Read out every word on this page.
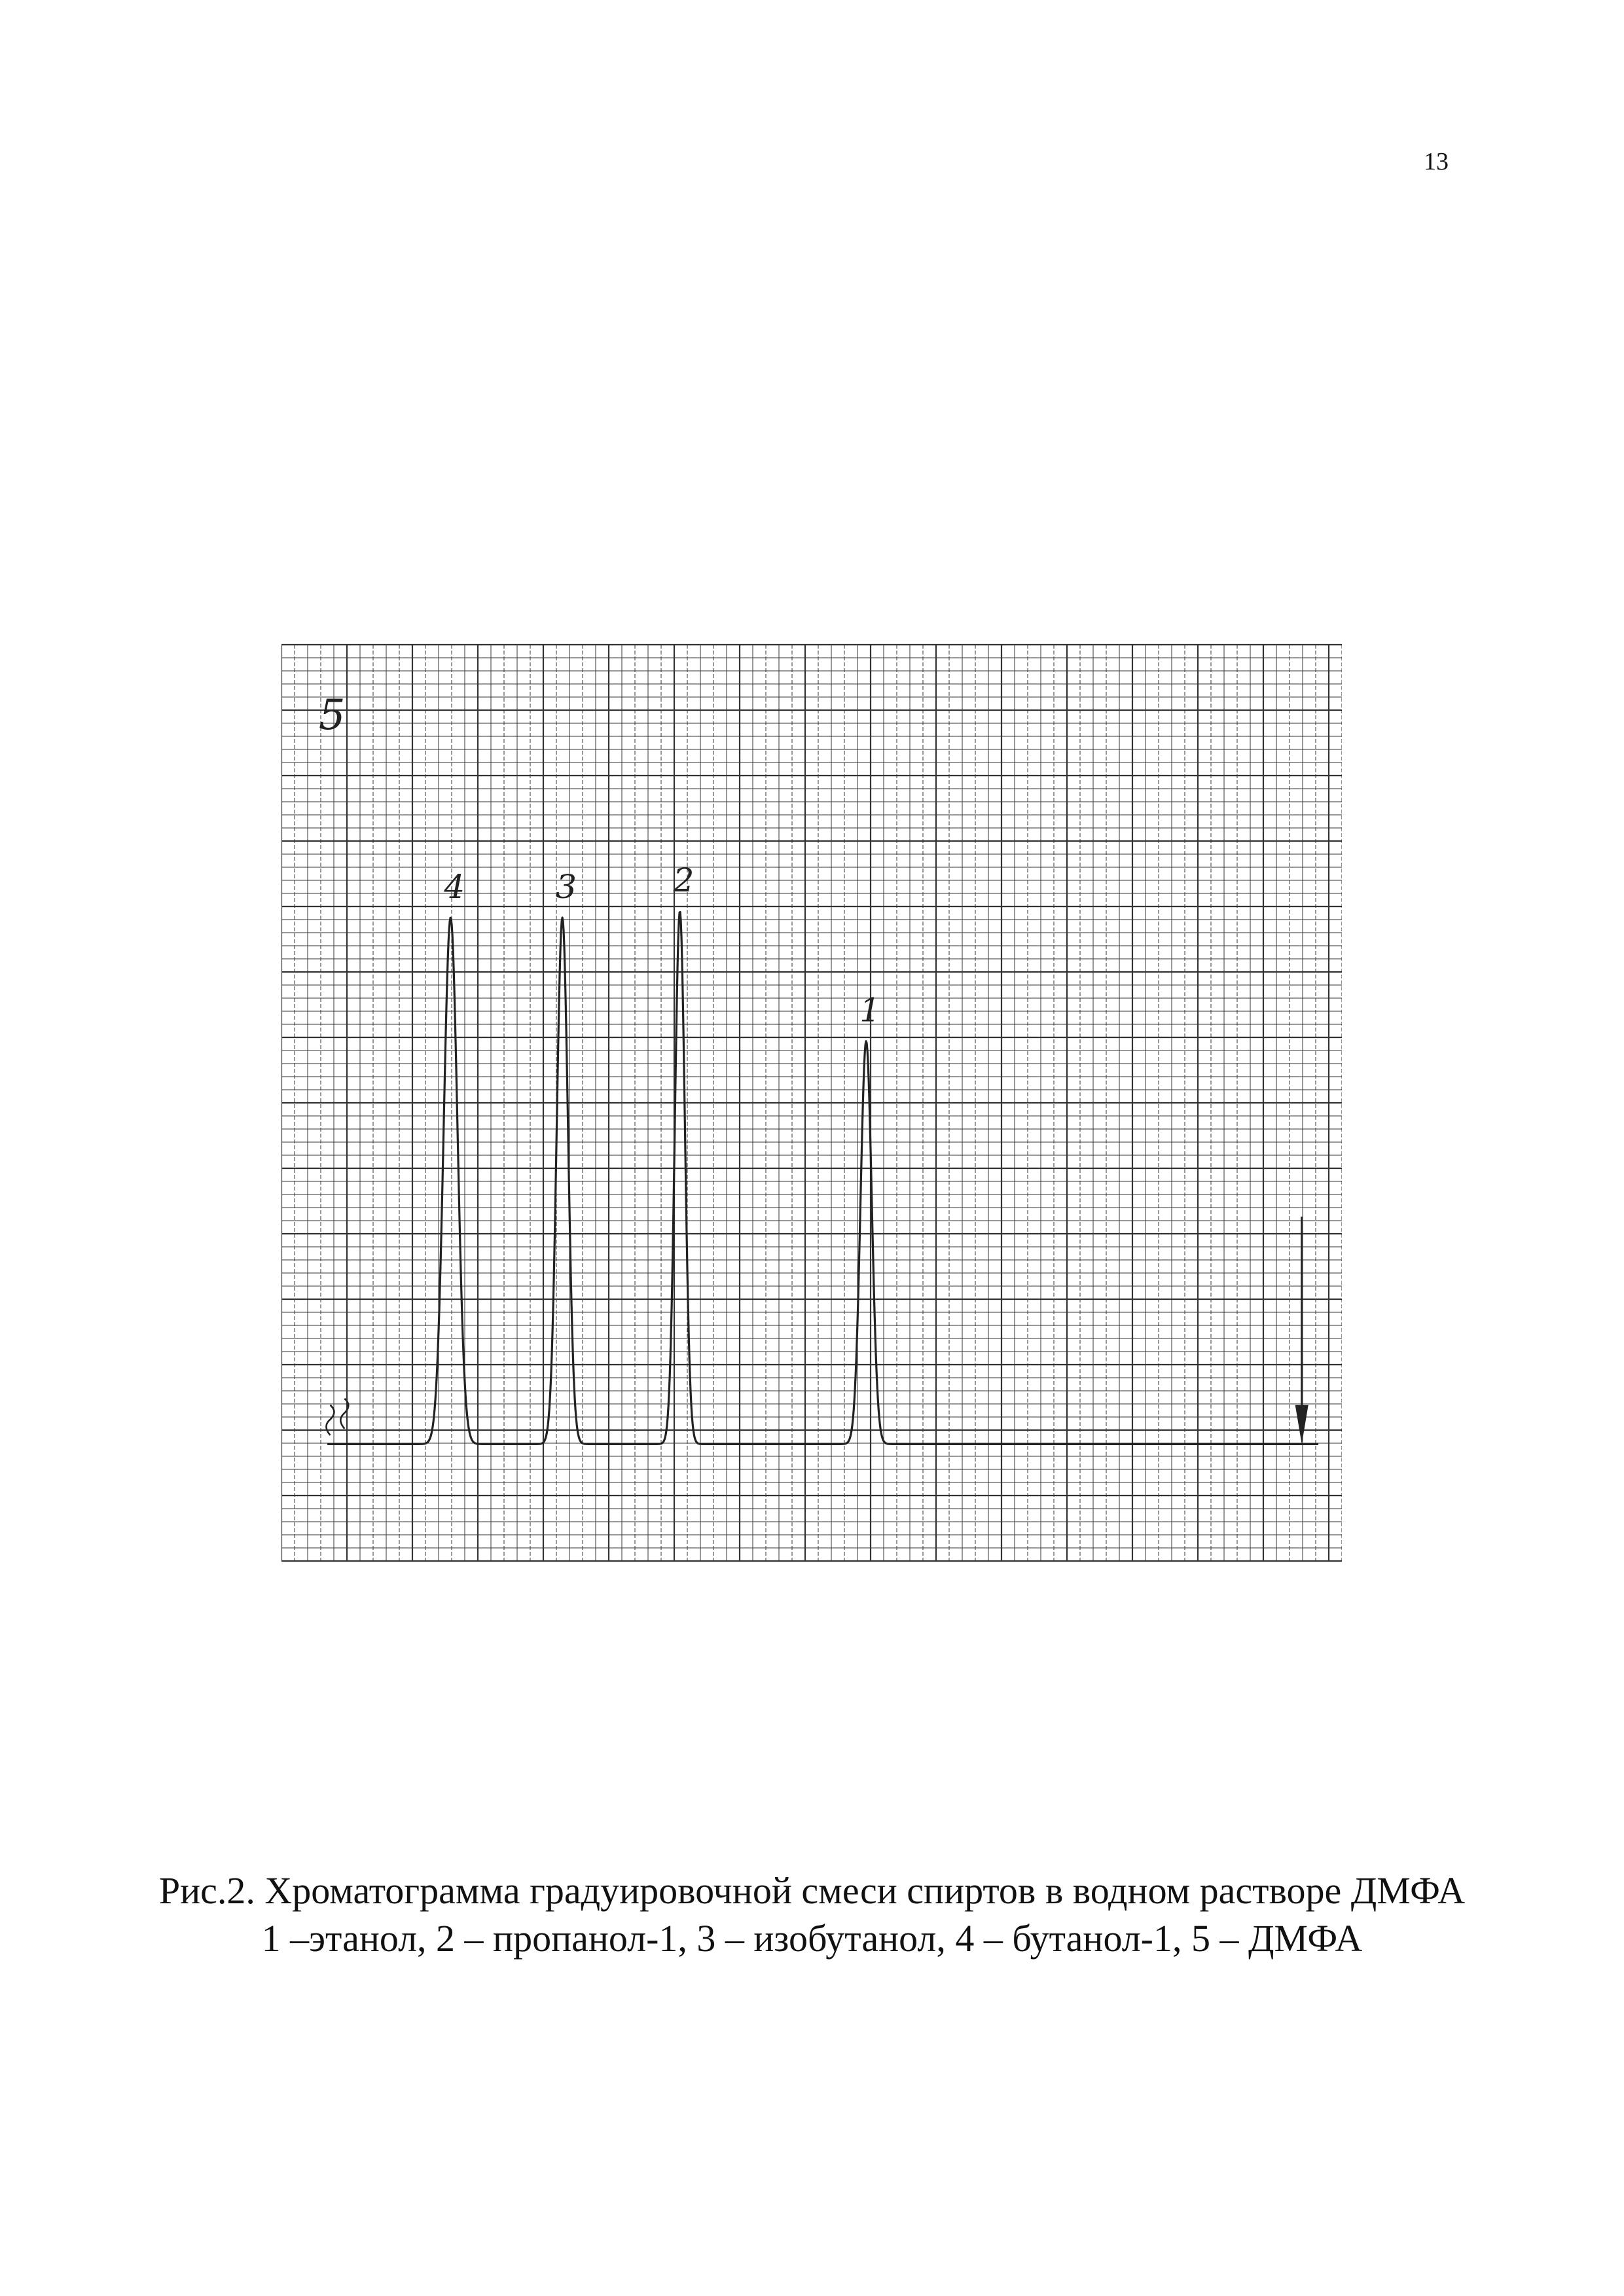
13
4	3	2
1
5
Рис.2. Хроматограмма градуировочной смеси спиртов в водном растворе ДМФА
1 –этанол, 2 – пропанол-1, 3 – изобутанол, 4 – бутанол-1, 5 – ДМФА
